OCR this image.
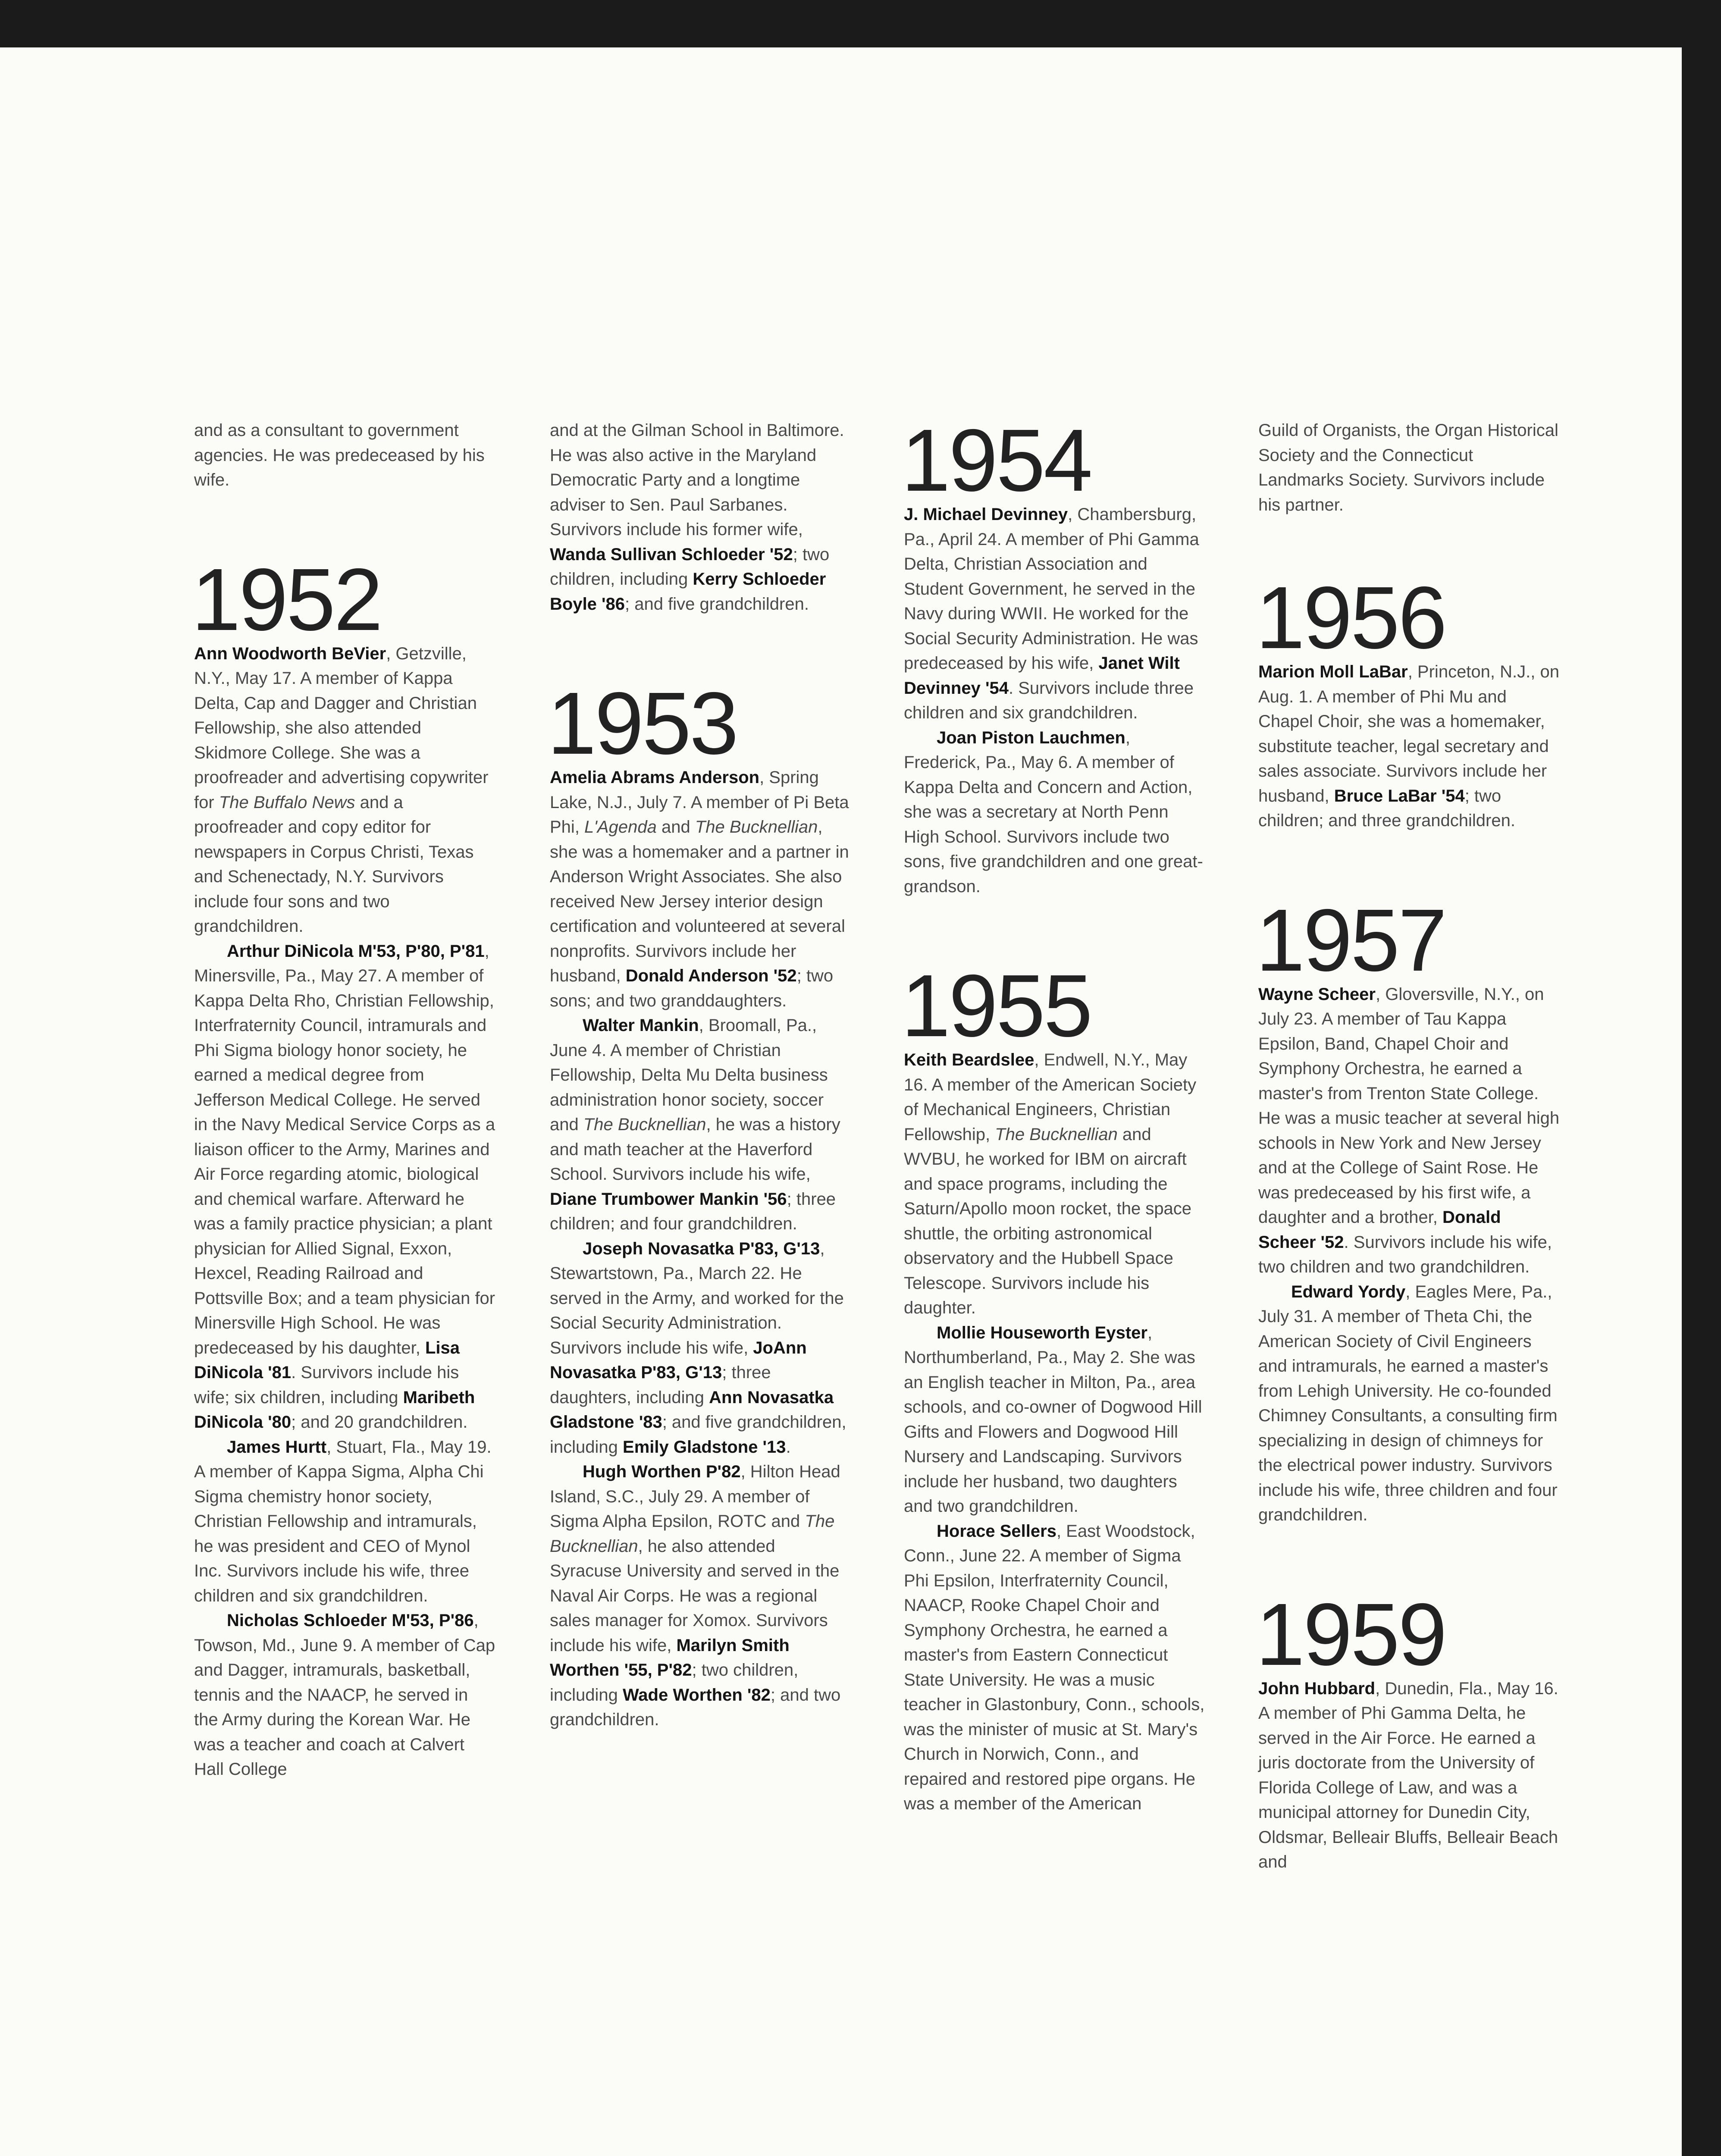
and as a consultant to government agencies. He was predeceased by his wife.

1952

Ann Woodworth BeVier, Getzville, N.Y., May 17. A member of Kappa Delta, Cap and Dagger and Christian Fellowship, she also attended Skidmore College. She was a proofreader and advertising copywriter for The Buffalo News and a proofreader and copy editor for newspapers in Corpus Christi, Texas and Schenectady, N.Y. Survivors include four sons and two grandchildren.

Arthur DiNicola M'53, P'80, P'81, Minersville, Pa., May 27. A member of Kappa Delta Rho, Christian Fellowship, Interfraternity Council, intramurals and Phi Sigma biology honor society, he earned a medical degree from Jefferson Medical College. He served in the Navy Medical Service Corps as a liaison officer to the Army, Marines and Air Force regarding atomic, biological and chemical warfare. Afterward he was a family practice physician; a plant physician for Allied Signal, Exxon, Hexcel, Reading Railroad and Pottsville Box; and a team physician for Minersville High School. He was predeceased by his daughter, Lisa DiNicola '81. Survivors include his wife; six children, including Maribeth DiNicola '80; and 20 grandchildren.

James Hurtt, Stuart, Fla., May 19. A member of Kappa Sigma, Alpha Chi Sigma chemistry honor society, Christian Fellowship and intramurals, he was president and CEO of Mynol Inc. Survivors include his wife, three children and six grandchildren.

Nicholas Schloeder M'53, P'86, Towson, Md., June 9. A member of Cap and Dagger, intramurals, basketball, tennis and the NAACP, he served in the Army during the Korean War. He was a teacher and coach at Calvert Hall College

and at the Gilman School in Baltimore. He was also active in the Maryland Democratic Party and a longtime adviser to Sen. Paul Sarbanes. Survivors include his former wife, Wanda Sullivan Schloeder '52; two children, including Kerry Schloeder Boyle '86; and five grandchildren.

1953

Amelia Abrams Anderson, Spring Lake, N.J., July 7. A member of Pi Beta Phi, L'Agenda and The Bucknellian, she was a homemaker and a partner in Anderson Wright Associates. She also received New Jersey interior design certification and volunteered at several nonprofits. Survivors include her husband, Donald Anderson '52; two sons; and two granddaughters.

Walter Mankin, Broomall, Pa., June 4. A member of Christian Fellowship, Delta Mu Delta business administration honor society, soccer and The Bucknellian, he was a history and math teacher at the Haverford School. Survivors include his wife, Diane Trumbower Mankin '56; three children; and four grandchildren.

Joseph Novasatka P'83, G'13, Stewartstown, Pa., March 22. He served in the Army, and worked for the Social Security Administration. Survivors include his wife, JoAnn Novasatka P'83, G'13; three daughters, including Ann Novasatka Gladstone '83; and five grandchildren, including Emily Gladstone '13.

Hugh Worthen P'82, Hilton Head Island, S.C., July 29. A member of Sigma Alpha Epsilon, ROTC and The Bucknellian, he also attended Syracuse University and served in the Naval Air Corps. He was a regional sales manager for Xomox. Survivors include his wife, Marilyn Smith Worthen '55, P'82; two children, including Wade Worthen '82; and two grandchildren.

1954

J. Michael Devinney, Chambersburg, Pa., April 24. A member of Phi Gamma Delta, Christian Association and Student Government, he served in the Navy during WWII. He worked for the Social Security Administration. He was predeceased by his wife, Janet Wilt Devinney '54. Survivors include three children and six grandchildren.

Joan Piston Lauchmen, Frederick, Pa., May 6. A member of Kappa Delta and Concern and Action, she was a secretary at North Penn High School. Survivors include two sons, five grandchildren and one great-grandson.

1955

Keith Beardslee, Endwell, N.Y., May 16. A member of the American Society of Mechanical Engineers, Christian Fellowship, The Bucknellian and WVBU, he worked for IBM on aircraft and space programs, including the Saturn/Apollo moon rocket, the space shuttle, the orbiting astronomical observatory and the Hubbell Space Telescope. Survivors include his daughter.

Mollie Houseworth Eyster, Northumberland, Pa., May 2. She was an English teacher in Milton, Pa., area schools, and co-owner of Dogwood Hill Gifts and Flowers and Dogwood Hill Nursery and Landscaping. Survivors include her husband, two daughters and two grandchildren.

Horace Sellers, East Woodstock, Conn., June 22. A member of Sigma Phi Epsilon, Interfraternity Council, NAACP, Rooke Chapel Choir and Symphony Orchestra, he earned a master's from Eastern Connecticut State University. He was a music teacher in Glastonbury, Conn., schools, was the minister of music at St. Mary's Church in Norwich, Conn., and repaired and restored pipe organs. He was a member of the American

Guild of Organists, the Organ Historical Society and the Connecticut Landmarks Society. Survivors include his partner.

1956

Marion Moll LaBar, Princeton, N.J., on Aug. 1. A member of Phi Mu and Chapel Choir, she was a homemaker, substitute teacher, legal secretary and sales associate. Survivors include her husband, Bruce LaBar '54; two children; and three grandchildren.

1957

Wayne Scheer, Gloversville, N.Y., on July 23. A member of Tau Kappa Epsilon, Band, Chapel Choir and Symphony Orchestra, he earned a master's from Trenton State College. He was a music teacher at several high schools in New York and New Jersey and at the College of Saint Rose. He was predeceased by his first wife, a daughter and a brother, Donald Scheer '52. Survivors include his wife, two children and two grandchildren.

Edward Yordy, Eagles Mere, Pa., July 31. A member of Theta Chi, the American Society of Civil Engineers and intramurals, he earned a master's from Lehigh University. He co-founded Chimney Consultants, a consulting firm specializing in design of chimneys for the electrical power industry. Survivors include his wife, three children and four grandchildren.

1959

John Hubbard, Dunedin, Fla., May 16. A member of Phi Gamma Delta, he served in the Air Force. He earned a juris doctorate from the University of Florida College of Law, and was a municipal attorney for Dunedin City, Oldsmar, Belleair Bluffs, Belleair Beach and
